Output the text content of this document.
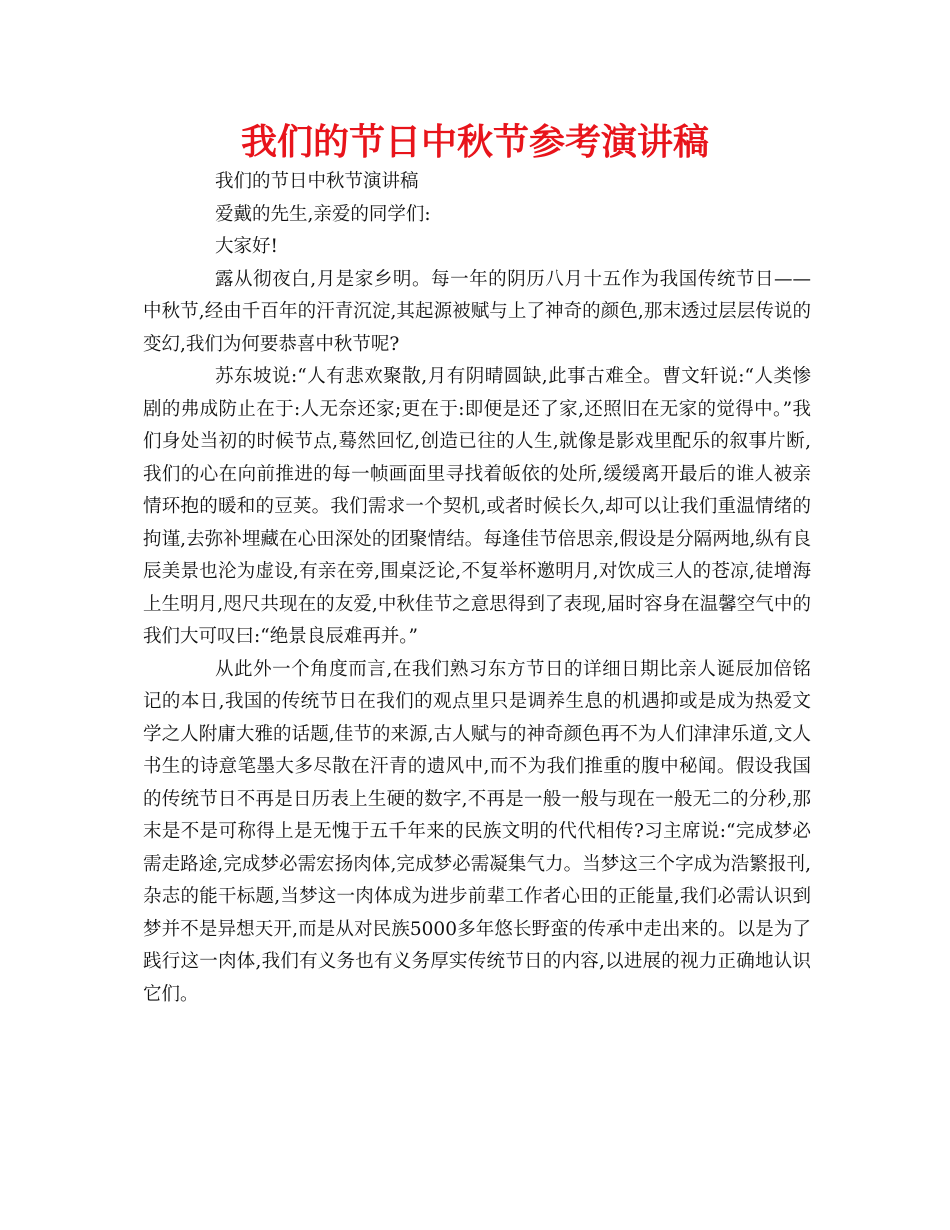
我们的节日中秋节参考演讲稿

我们的节日中秋节演讲稿

爱戴的先生,亲爱的同学们:

大家好!

露从彻夜白,月是家乡明。每一年的阴历八月十五作为我国传统节日——中秋节,经由千百年的汗青沉淀,其起源被赋与上了神奇的颜色,那末透过层层传说的变幻,我们为何要恭喜中秋节呢?

苏东坡说:“人有悲欢聚散,月有阴晴圆缺,此事古难全。曹文轩说:“人类惨剧的弗成防止在于:人无奈还家;更在于:即便是还了家,还照旧在无家的觉得中。”我们身处当初的时候节点,蓦然回忆,创造已往的人生,就像是影戏里配乐的叙事片断,我们的心在向前推进的每一帧画面里寻找着皈依的处所,缓缓离开最后的谁人被亲情环抱的暖和的豆荚。我们需求一个契机,或者时候长久,却可以让我们重温情绪的拘谨,去弥补埋藏在心田深处的团聚情结。每逢佳节倍思亲,假设是分隔两地,纵有良辰美景也沦为虚设,有亲在旁,围桌泛论,不复举杯邀明月,对饮成三人的苍凉,徒增海上生明月,咫尺共现在的友爱,中秋佳节之意思得到了表现,届时容身在温馨空气中的我们大可叹曰:“绝景良辰难再并。”

从此外一个角度而言,在我们熟习东方节日的详细日期比亲人诞辰加倍铭记的本日,我国的传统节日在我们的观点里只是调养生息的机遇抑或是成为热爱文学之人附庸大雅的话题,佳节的来源,古人赋与的神奇颜色再不为人们津津乐道,文人书生的诗意笔墨大多尽散在汗青的遗风中,而不为我们推重的腹中秘闻。假设我国的传统节日不再是日历表上生硬的数字,不再是一般一般与现在一般无二的分秒,那末是不是可称得上是无愧于五千年来的民族文明的代代相传?习主席说:“完成梦必需走路途,完成梦必需宏扬肉体,完成梦必需凝集气力。当梦这三个字成为浩繁报刊,杂志的能干标题,当梦这一肉体成为进步前辈工作者心田的正能量,我们必需认识到梦并不是异想天开,而是从对民族5000多年悠长野蛮的传承中走出来的。以是为了践行这一肉体,我们有义务也有义务厚实传统节日的内容,以进展的视力正确地认识它们。
